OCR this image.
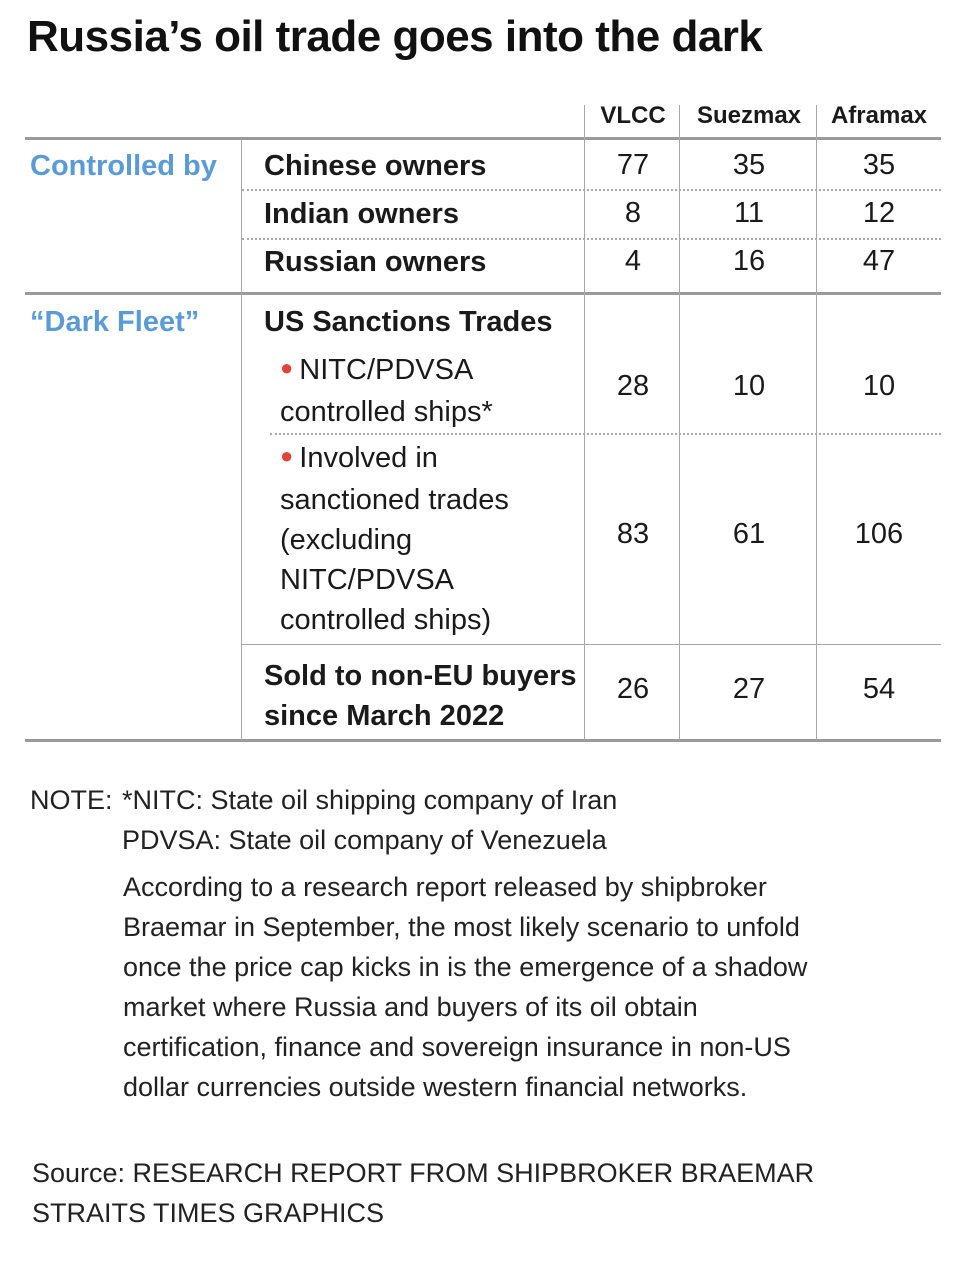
Russia’s oil trade goes into the dark
VLCC	Suezmax	Aframax
Controlled by Chinese owners	77	35	35
Indian owners	8	11	12
Russian owners	4	16	47
“Dark Fleet” US Sanctions Trades
● NITC/PDVSA
controlled ships*
28	10	10
● Involved in
sanctioned trades
(excluding
NITC/PDVSA
controlled ships)
83	61	106
Sold to non-EU buyers
since March 2022
26	27	54
NOTE: *NITC: State oil shipping company of Iran
PDVSA: State oil company of Venezuela
According to a research report released by shipbroker
Braemar in September, the most likely scenario to unfold
once the price cap kicks in is the emergence of a shadow
market where Russia and buyers of its oil obtain
certification, finance and sovereign insurance in non-US
dollar currencies outside western financial networks.
Source: RESEARCH REPORT FROM SHIPBROKER BRAEMAR
STRAITS TIMES GRAPHICS
